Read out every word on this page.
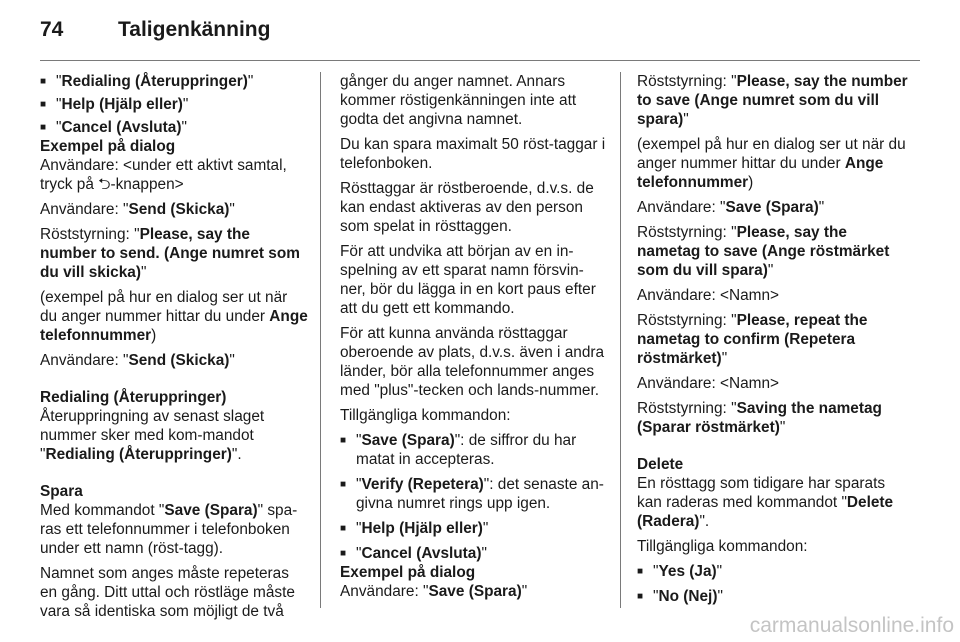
74	Taligenkänning
■ "Redialing (Återuppringer)"
■ "Help (Hjälp eller)"
■ "Cancel (Avsluta)"
Exempel på dialog
Användare: <under ett aktivt samtal, tryck på ⮌-knappen>
Användare: "Send (Skicka)"
Röststyrning: "Please, say the number to send. (Ange numret som du vill skicka)"
(exempel på hur en dialog ser ut när du anger nummer hittar du under Ange telefonnummer)
Användare: "Send (Skicka)"
Redialing (Återuppringer)
Återuppringning av senast slaget nummer sker med kom-mandot "Redialing (Återuppringer)".
Spara
Med kommandot "Save (Spara)" spa-ras ett telefonnummer i telefonboken under ett namn (röst-tagg).
Namnet som anges måste repeteras en gång. Ditt uttal och röstläge måste vara så identiska som möjligt de två
gånger du anger namnet. Annars kommer röstigenkänningen inte att godta det angivna namnet.
Du kan spara maximalt 50 röst-taggar i telefonboken.
Rösttaggar är röstberoende, d.v.s. de kan endast aktiveras av den person som spelat in rösttaggen.
För att undvika att början av en in-spelning av ett sparat namn försvin-ner, bör du lägga in en kort paus efter att du gett ett kommando.
För att kunna använda rösttaggar oberoende av plats, d.v.s. även i andra länder, bör alla telefonnummer anges med "plus"-tecken och lands-nummer.
Tillgängliga kommandon:
■ "Save (Spara)": de siffror du har matat in accepteras.
■ "Verify (Repetera)": det senaste an-givna numret rings upp igen.
■ "Help (Hjälp eller)"
■ "Cancel (Avsluta)"
Exempel på dialog
Användare: "Save (Spara)"
Röststyrning: "Please, say the number to save (Ange numret som du vill spara)"
(exempel på hur en dialog ser ut när du anger nummer hittar du under Ange telefonnummer)
Användare: "Save (Spara)"
Röststyrning: "Please, say the nametag to save (Ange röstmärket som du vill spara)"
Användare: <Namn>
Röststyrning: "Please, repeat the nametag to confirm (Repetera röstmärket)"
Användare: <Namn>
Röststyrning: "Saving the nametag (Sparar röstmärket)"
Delete
En rösttagg som tidigare har sparats kan raderas med kommandot "Delete (Radera)".
Tillgängliga kommandon:
■ "Yes (Ja)"
■ "No (Nej)"
carmanualsonline.info
